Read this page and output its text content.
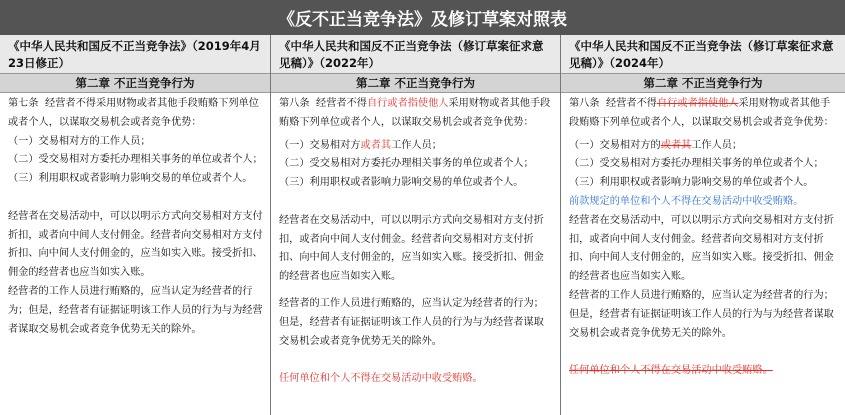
《反不正当竞争法》及修订草案对照表
《中华人民共和国反不正当竞争法》（2019年4月23日修正）
第二章 不正当竞争行为

第七条 经营者不得采用财物或者其他手段贿赂下列单位或者个人，以谋取交易机会或者竞争优势：

（一）交易相对方的工作人员；

（二）受交易相对方委托办理相关事务的单位或者个人；

（三）利用职权或者影响力影响交易的单位或者个人。

经营者在交易活动中，可以以明示方式向交易相对方支付折扣，或者向中间人支付佣金。经营者向交易相对方支付折扣、向中间人支付佣金的，应当如实入账。接受折扣、佣金的经营者也应当如实入账。

经营者的工作人员进行贿赂的，应当认定为经营者的行为；但是，经营者有证据证明该工作人员的行为与为经营者谋取交易机会或者竞争优势无关的除外。

《中华人民共和国反不正当竞争法（修订草案征求意见稿）》（2022年）
第二章 不正当竞争行为

第八条 经营者不得自行或者指使他人采用财物或者其他手段贿赂下列单位或者个人，以谋取交易机会或者竞争优势：

（一）交易相对方或者其工作人员；

（二）受交易相对方委托办理相关事务的单位或者个人；

（三）利用职权或者影响力影响交易的单位或者个人。

经营者在交易活动中，可以以明示方式向交易相对方支付折扣，或者向中间人支付佣金。经营者向交易相对方支付折扣、向中间人支付佣金的，应当如实入账。接受折扣、佣金的经营者也应当如实入账。

经营者的工作人员进行贿赂的，应当认定为经营者的行为；但是，经营者有证据证明该工作人员的行为与为经营者谋取交易机会或者竞争优势无关的除外。

任何单位和个人不得在交易活动中收受贿赂。

《中华人民共和国反不正当竞争法（修订草案征求意见稿）》（2024年）
第二章 不正当竞争行为

第八条 经营者不得自行或者指使他人采用财物或者其他手段贿赂下列单位或者个人，以谋取交易机会或者竞争优势：

（一）交易相对方的或者其工作人员；

（二）受交易相对方委托办理相关事务的单位或者个人；

（三）利用职权或者影响力影响交易的单位或者个人。

前款规定的单位和个人不得在交易活动中收受贿赂。

经营者在交易活动中，可以以明示方式向交易相对方支付折扣，或者向中间人支付佣金。经营者向交易相对方支付折扣、向中间人支付佣金的，应当如实入账。接受折扣、佣金的经营者也应当如实入账。

经营者的工作人员进行贿赂的，应当认定为经营者的行为；但是，经营者有证据证明该工作人员的行为与为经营者谋取交易机会或者竞争优势无关的除外。

任何单位和个人不得在交易活动中收受贿赂。
